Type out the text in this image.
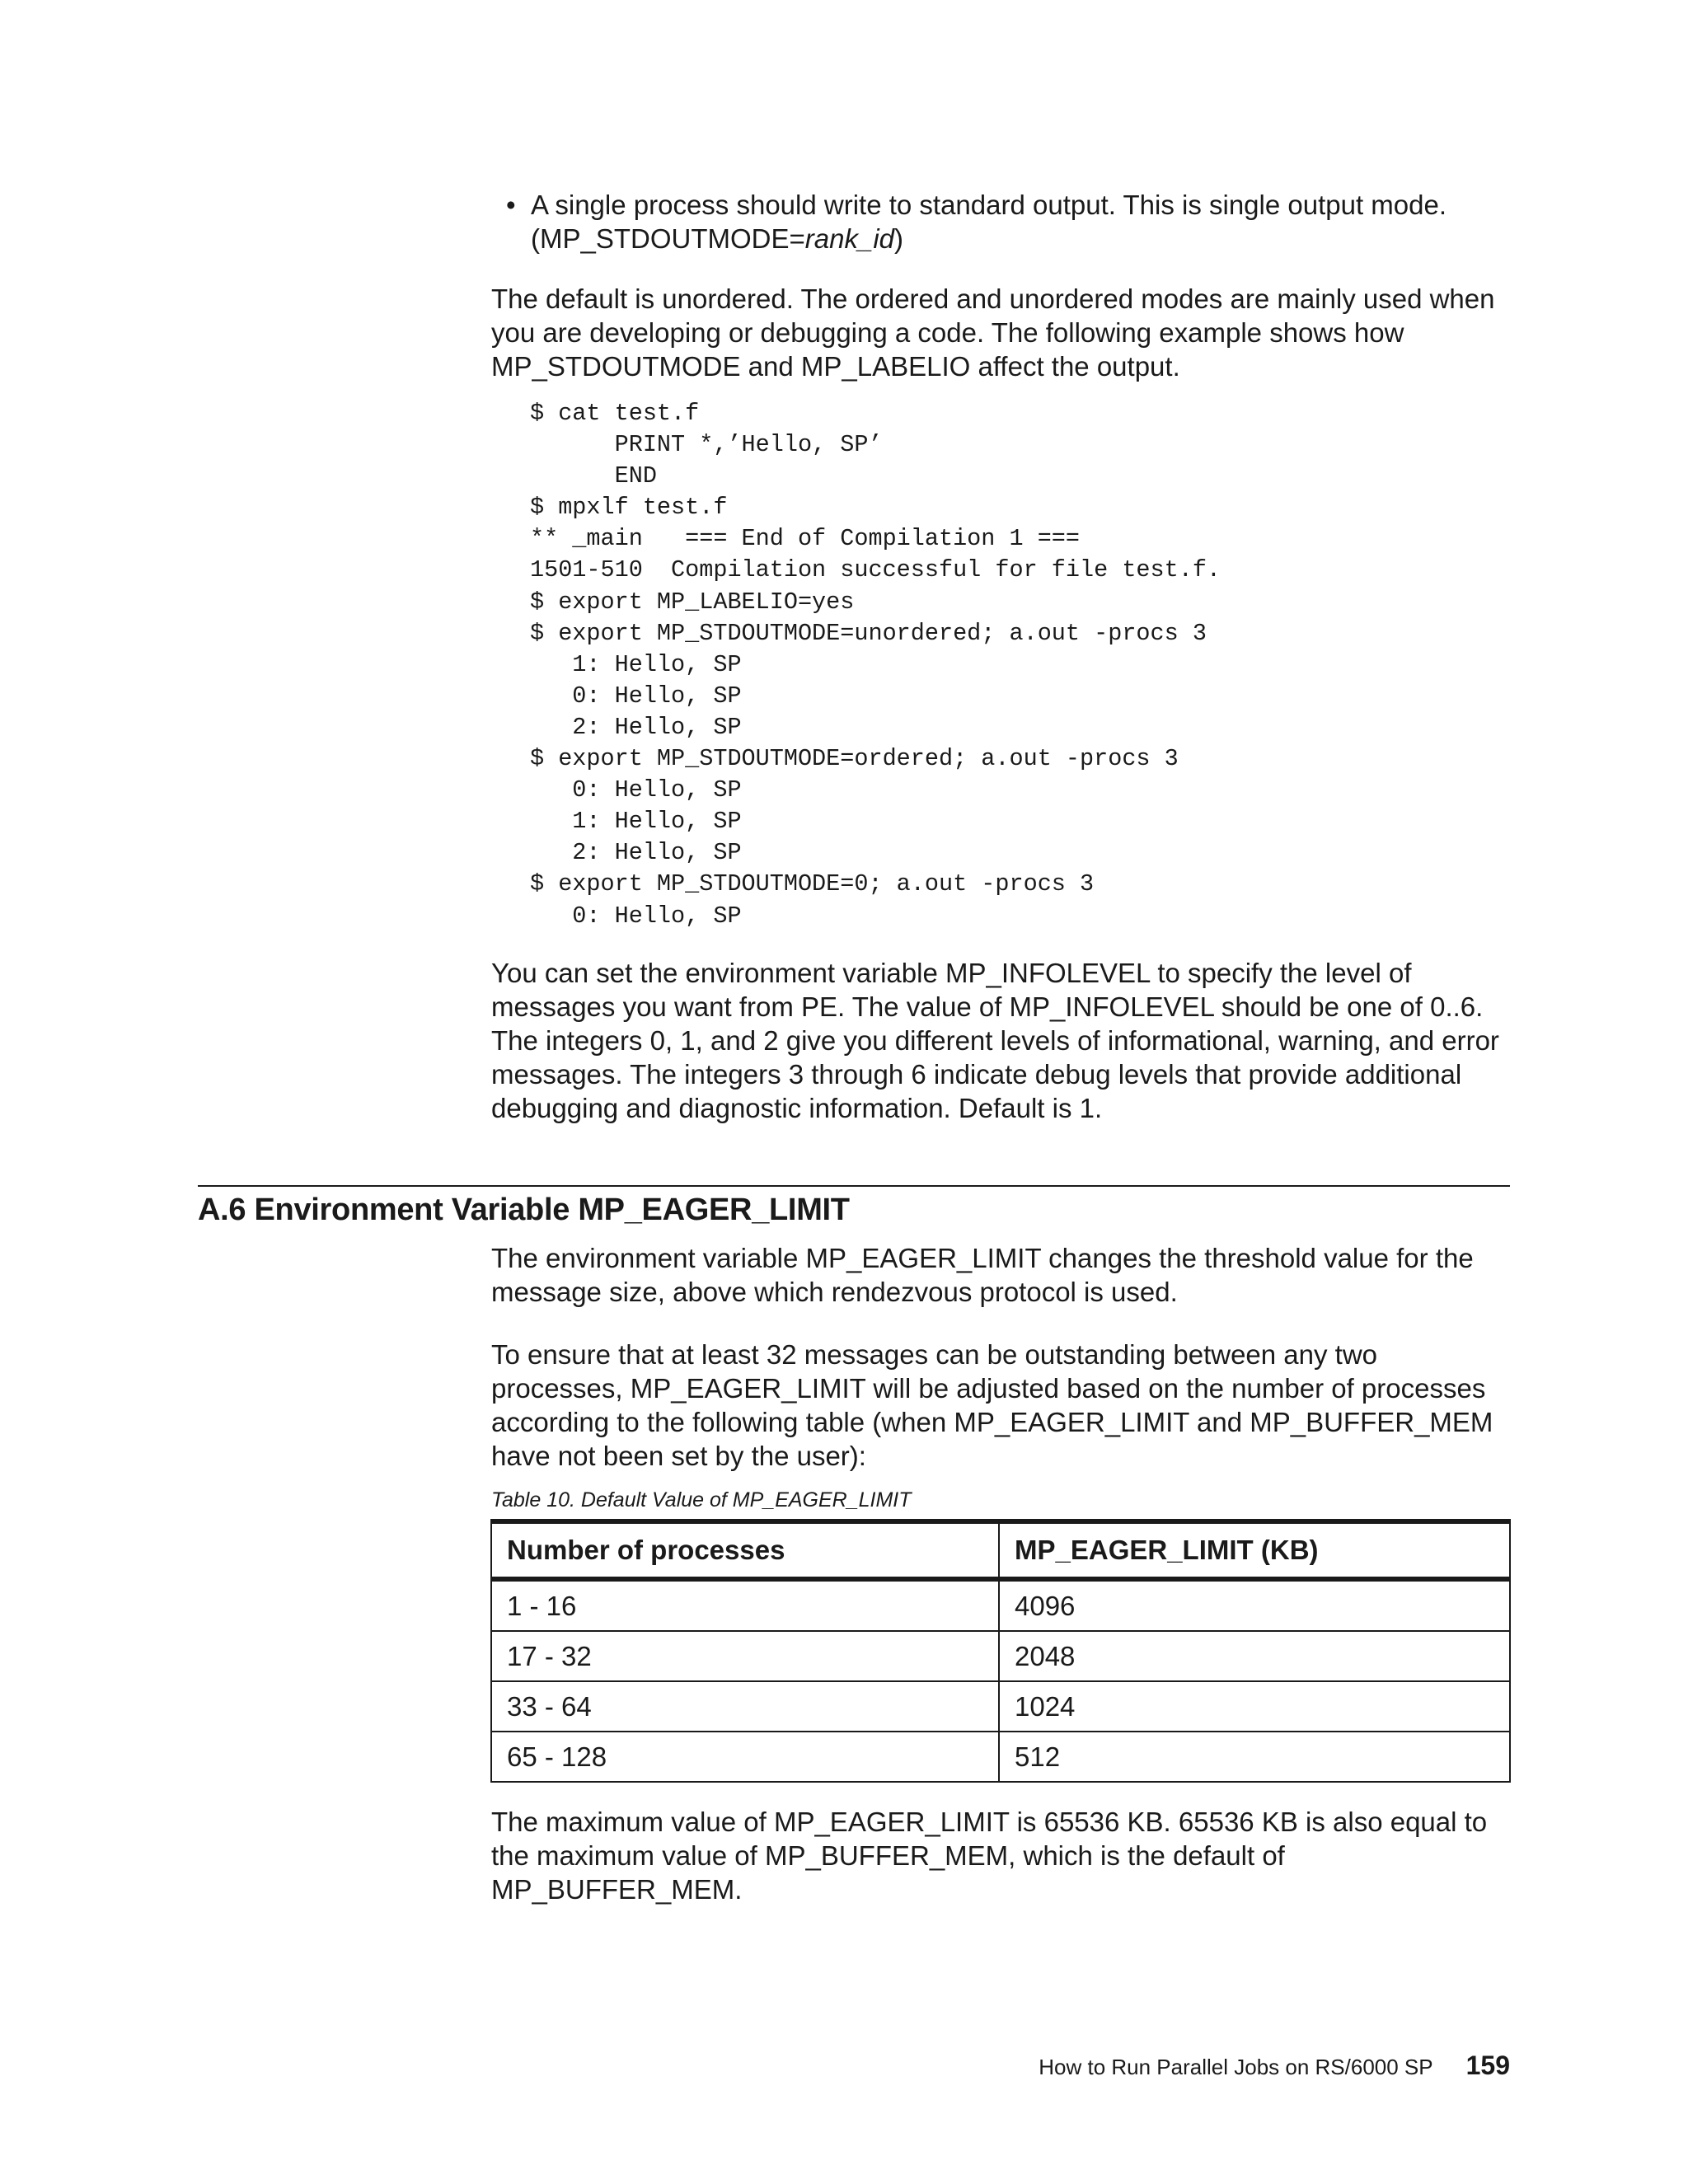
• A single process should write to standard output. This is single output mode.
(MP_STDOUTMODE=rank_id)

The default is unordered. The ordered and unordered modes are mainly used when you are developing or debugging a code. The following example shows how MP_STDOUTMODE and MP_LABELIO affect the output.

$ cat test.f
PRINT *,’Hello, SP’
END
$ mpxlf test.f
** _main   === End of Compilation 1 ===
1501-510  Compilation successful for file test.f.
$ export MP_LABELIO=yes
$ export MP_STDOUTMODE=unordered; a.out -procs 3
1: Hello, SP
0: Hello, SP
2: Hello, SP
$ export MP_STDOUTMODE=ordered; a.out -procs 3
0: Hello, SP
1: Hello, SP
2: Hello, SP
$ export MP_STDOUTMODE=0; a.out -procs 3
0: Hello, SP

You can set the environment variable MP_INFOLEVEL to specify the level of messages you want from PE. The value of MP_INFOLEVEL should be one of 0..6. The integers 0, 1, and 2 give you different levels of informational, warning, and error messages. The integers 3 through 6 indicate debug levels that provide additional debugging and diagnostic information. Default is 1.

A.6 Environment Variable MP_EAGER_LIMIT

The environment variable MP_EAGER_LIMIT changes the threshold value for the message size, above which rendezvous protocol is used.

To ensure that at least 32 messages can be outstanding between any two processes, MP_EAGER_LIMIT will be adjusted based on the number of processes according to the following table (when MP_EAGER_LIMIT and MP_BUFFER_MEM have not been set by the user):

Table 10. Default Value of MP_EAGER_LIMIT
Number of processes	MP_EAGER_LIMIT (KB)
1 - 16	4096
17 - 32	2048
33 - 64	1024
65 - 128	512

The maximum value of MP_EAGER_LIMIT is 65536 KB. 65536 KB is also equal to the maximum value of MP_BUFFER_MEM, which is the default of MP_BUFFER_MEM.

How to Run Parallel Jobs on RS/6000 SP 159
